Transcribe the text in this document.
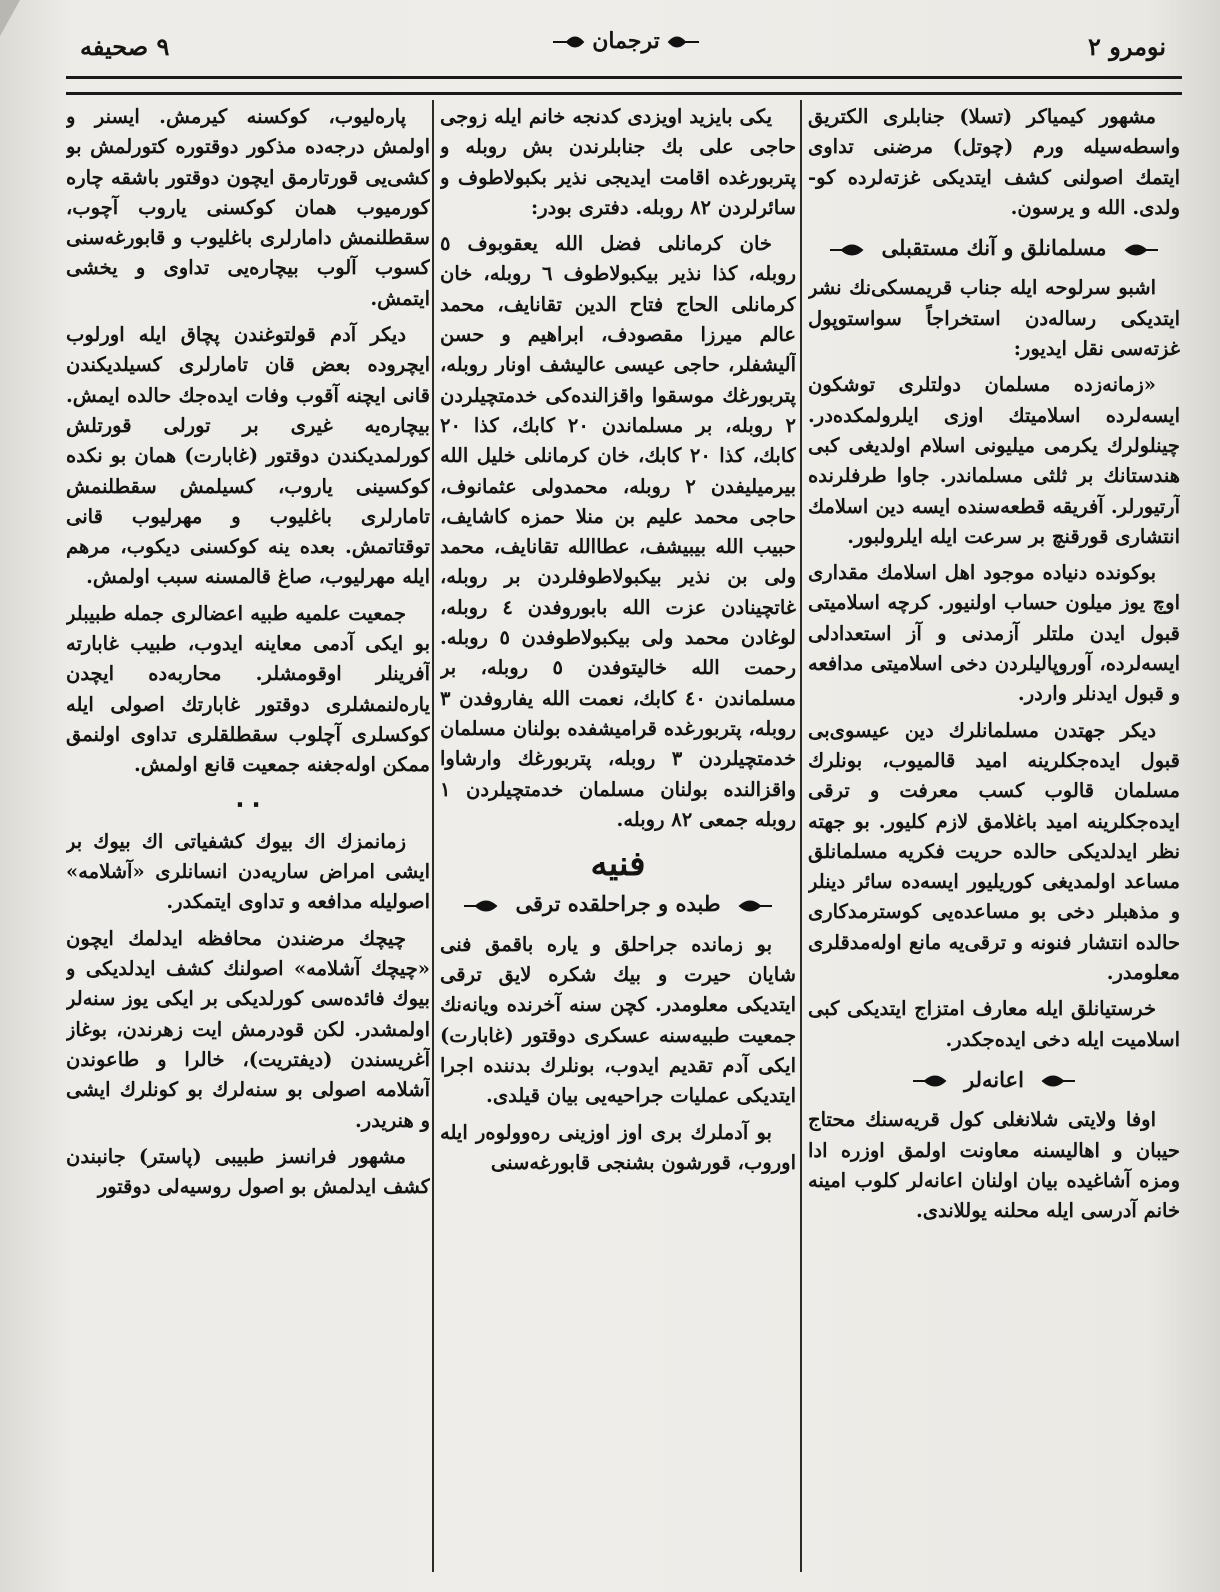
٩ صحيفه	ترجمان	نومرو ٢

مشهور كيمياكر (تسلا) جنابلرى الكتريق واسطه‌سيله ورم (چوتل) مرضنى تداوى ايتمك اصولنى كشف ايتديكى غزته‌لرده كو-ولدى. الله و يرسون.

مسلمانلق و آنك مستقبلى

اشبو سرلوحه ايله جناب قريمسكى‌نك نشر ايتديكى رساله‌دن استخراجاً سواستوپول غزته‌سى نقل ايديور:

«زمانه‌زده مسلمان دولتلرى توشكون ايسه‌لرده اسلاميتك اوزى ايلرولمكده‌در. چينلولرك يكرمى ميليونى اسلام اولديغى كبى هندستانك بر ثلثى مسلماندر. جاوا طرفلرنده آرتيورلر. آفريقه قطعه‌سنده ايسه دين اسلامك انتشارى قورقنچ بر سرعت ايله ايلرولبور.

بوكونده دنياده موجود اهل اسلامك مقدارى اوچ يوز ميلون حساب اولنيور. كرچه اسلاميتى قبول ايدن ملتلر آزمدنى و آز استعدادلى ايسه‌لرده، آوروپاليلردن دخى اسلاميتى مدافعه و قبول ايدنلر واردر.

ديكر جهتدن مسلمانلرك دين عيسوى‌بى قبول ايده‌جكلرينه اميد قالميوب، بونلرك مسلمان قالوب كسب معرفت و ترقى ايده‌جكلرينه اميد باغلامق لازم كليور. بو جهته نظر ايدلديكى حالده حريت فكريه مسلمانلق مساعد اولمديغى كوريليور ايسه‌ده سائر دينلر و مذهبلر دخى بو مساعده‌يى كوسترمدكارى حالده انتشار فنونه و ترقى‌يه مانع اوله‌مدقلرى معلومدر.

خرستيانلق ايله معارف امتزاج ايتديكى كبى اسلاميت ايله دخى ايده‌جكدر.

اعانه‌لر

اوفا ولايتى شلانغلى كول قريه‌سنك محتاج حيبان و اهاليسنه معاونت اولمق اوزره ادا ومزه آشاغيده بيان اولنان اعانه‌لر كلوب امينه خانم آدرسى ايله محلنه يوللاندى.

يكى بايزيد اويزدى كدنجه خانم ايله زوجى حاجى على بك جنابلرندن بش روبله و پتربورغده اقامت ايديجى نذير بكبولاطوف و سائرلردن ٨٢ روبله. دفترى بودر:

خان كرمانلى فضل الله يعقوبوف ٥ روبله، كذا نذير بيكبولاطوف ٦ روبله، خان كرمانلى الحاج فتاح الدين تقانايف، محمد عالم ميرزا مقصودف، ابراهيم و حسن آليشفلر، حاجى عيسى عاليشف اونار روبله، پتربورغك موسقوا واقزالنده‌كى خدمتچيلردن ٢ روبله، بر مسلماندن ٢٠ كابك، كذا ٢٠ كابك، كذا ٢٠ كابك، خان كرمانلى خليل الله بيرميليفدن ٢ روبله، محمدولى عثمانوف، حاجى محمد عليم بن منلا حمزه كاشايف، حبيب الله بيبيشف، عطاالله تقانايف، محمد ولى بن نذير بيكبولاطوفلردن بر روبله، غاتچينادن عزت الله بابوروفدن ٤ روبله، لوغادن محمد ولى بيكبولاطوفدن ٥ روبله. رحمت الله خاليتوفدن ٥ روبله، بر مسلماندن ٤٠ كابك، نعمت الله يفاروفدن ٣ روبله، پتربورغده قراميشفده بولنان مسلمان خدمتچيلردن ٣ روبله، پتربورغك وارشاوا واقزالنده بولنان مسلمان خدمتچيلردن ١ روبله جمعى ٨٢ روبله.

فنيه
طبده و جراحلقده ترقى

بو زمانده جراحلق و ياره باقمق فنى شايان حيرت و بيك شكره لايق ترقى ايتديكى معلومدر. كچن سنه آخرنده ويانه‌نك جمعيت طبيه‌سنه عسكرى دوقتور (غابارت) ايكى آدم تقديم ايدوب، بونلرك بدننده اجرا ايتديكى عمليات جراحيه‌يى بيان قيلدى.

بو آدملرك برى اوز اوزينى ره‌وولوه‌ر ايله اوروب، قورشون بشنجى قابورغه‌سنى

پاره‌ليوب، كوكسنه كيرمش. ايسنر و اولمش درجه‌ده مذكور دوقتوره كتورلمش بو كشى‌يى قورتارمق ايچون دوقتور باشقه چاره كورميوب همان كوكسنى ياروب آچوب، سقطلنمش دامارلرى باغليوب و قابورغه‌سنى كسوب آلوب بيچاره‌يى تداوى و يخشى ايتمش.

ديكر آدم قولتوغندن پچاق ايله اورلوب ايچروده بعض قان تامارلرى كسيلديكندن قانى ايچنه آقوب وفات ايده‌جك حالده ايمش. بيچاره‌يه غيرى بر تورلى قورتلش كورلمديكندن دوقتور (غابارت) همان بو نكده كوكسينى ياروب، كسيلمش سقطلنمش تامارلرى باغليوب و مهرليوب قانى توقتاتمش. بعده ينه كوكسنى ديكوب، مرهم ايله مهرليوب، صاغ قالمسنه سبب اولمش.

جمعيت علميه طبيه اعضالرى جمله طبيبلر بو ايكى آدمى معاينه ايدوب، طبيب غابارته آفرينلر اوقومشلر. محاربه‌ده ايچدن ياره‌لنمشلرى دوقتور غابارتك اصولى ايله كوكسلرى آچلوب سقطلقلرى تداوى اولنمق ممكن اوله‌جغنه جمعيت قانع اولمش.

٠٠

زمانمزك اك بيوك كشفياتى اك بيوك بر ايشى امراض ساريه‌دن انسانلرى «آشلامه» اصوليله مدافعه و تداوى ايتمكدر.

چيچك مرضندن محافظه ايدلمك ايچون «چيچك آشلامه» اصولنك كشف ايدلديكى و بيوك فائده‌سى كورلديكى بر ايكى يوز سنه‌لر اولمشدر. لكن قودرمش ايت زهرندن، بوغاز آغريسندن (ديفتريت)، خالرا و طاعوندن آشلامه اصولى بو سنه‌لرك بو كونلرك ايشى و هنريدر.

مشهور فرانسز طبيبى (پاستر) جانبندن كشف ايدلمش بو اصول روسيه‌لى دوقتور
